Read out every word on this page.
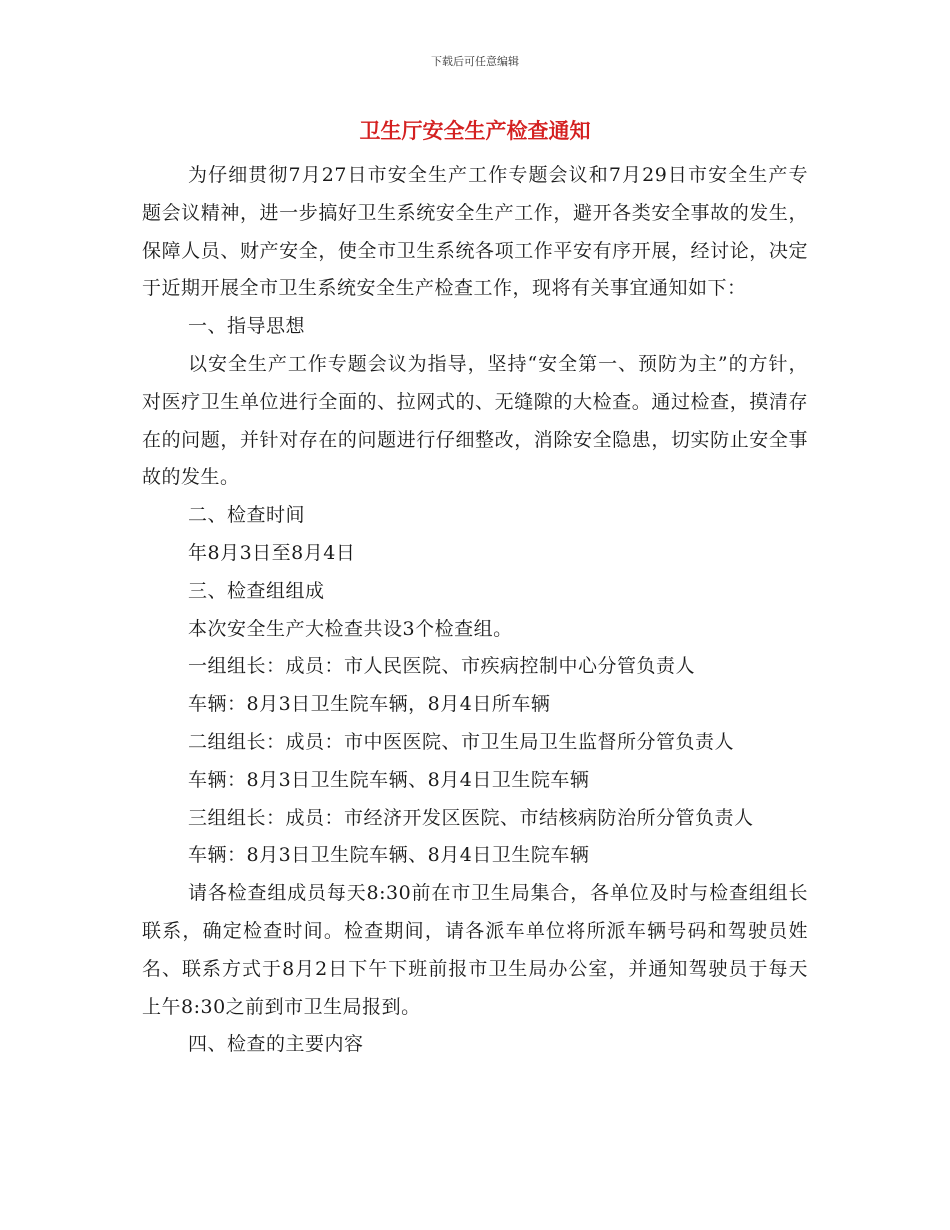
下载后可任意编辑
卫生厅安全生产检查通知

为仔细贯彻7月27日市安全生产工作专题会议和7月29日市安全生产专题会议精神，进一步搞好卫生系统安全生产工作，避开各类安全事故的发生，保障人员、财产安全，使全市卫生系统各项工作平安有序开展，经讨论，决定于近期开展全市卫生系统安全生产检查工作，现将有关事宜通知如下：

一、指导思想

以安全生产工作专题会议为指导，坚持“安全第一、预防为主”的方针，对医疗卫生单位进行全面的、拉网式的、无缝隙的大检查。通过检查，摸清存在的问题，并针对存在的问题进行仔细整改，消除安全隐患，切实防止安全事故的发生。

二、检查时间

年8月3日至8月4日

三、检查组组成

本次安全生产大检查共设3个检查组。

一组组长：成员：市人民医院、市疾病控制中心分管负责人

车辆：8月3日卫生院车辆，8月4日所车辆

二组组长：成员：市中医医院、市卫生局卫生监督所分管负责人

车辆：8月3日卫生院车辆、8月4日卫生院车辆

三组组长：成员：市经济开发区医院、市结核病防治所分管负责人

车辆：8月3日卫生院车辆、8月4日卫生院车辆

请各检查组成员每天8:30前在市卫生局集合，各单位及时与检查组组长联系，确定检查时间。检查期间，请各派车单位将所派车辆号码和驾驶员姓名、联系方式于8月2日下午下班前报市卫生局办公室，并通知驾驶员于每天上午8:30之前到市卫生局报到。

四、检查的主要内容
